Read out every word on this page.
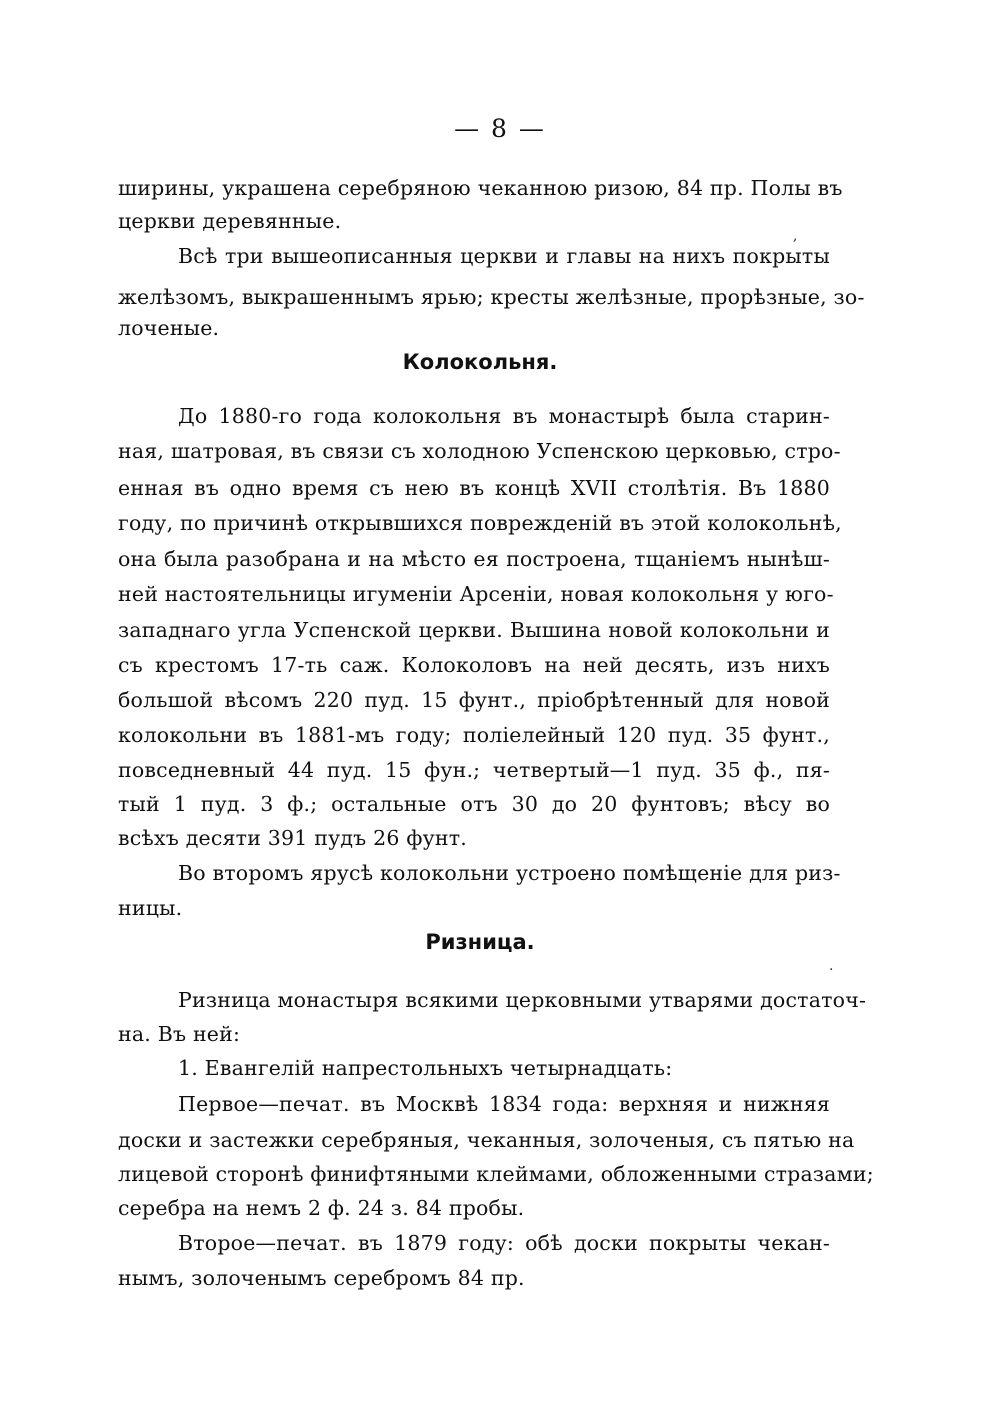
— 8 —
ширины, украшена серебряною чеканною ризою, 84 пр. Полы въ
церкви деревянные.
,
Всѣ три вышеописанныя церкви и главы на нихъ покрыты
желѣзомъ, выкрашеннымъ ярью; кресты желѣзные, прорѣзные, зо-
лоченые.
Колокольня.
До 1880-го года колокольня въ монастырѣ была старин-
ная, шатровая, въ связи съ холодною Успенскою церковью, стро-
енная въ одно время съ нею въ концѣ XVII столѣтія. Въ 1880
году, по причинѣ открывшихся поврежденій въ этой колокольнѣ,
она была разобрана и на мѣсто ея построена, тщаніемъ нынѣш-
ней настоятельницы игуменіи Арсеніи, новая колокольня у юго-
западнаго угла Успенской церкви. Вышина новой колокольни и
съ крестомъ 17-ть саж. Колоколовъ на ней десять, изъ нихъ
большой вѣсомъ 220 пуд. 15 фунт., пріобрѣтенный для новой
колокольни въ 1881-мъ году; поліелейный 120 пуд. 35 фунт.,
повседневный 44 пуд. 15 фун.; четвертый—1 пуд. 35 ф., пя-
тый 1 пуд. 3 ф.; остальные отъ 30 до 20 фунтовъ; вѣсу во
всѣхъ десяти 391 пудъ 26 фунт.
Во второмъ ярусѣ колокольни устроено помѣщеніе для риз-
ницы.
Ризница.
·
Ризница монастыря всякими церковными утварями достаточ-
на. Въ ней:
1. Евангелій напрестольныхъ четырнадцать:
Первое—печат. въ Москвѣ 1834 года: верхняя и нижняя
доски и застежки серебряныя, чеканныя, золоченыя, съ пятью на
лицевой сторонѣ финифтяными клеймами, обложенными стразами;
серебра на немъ 2 ф. 24 з. 84 пробы.
Второе—печат. въ 1879 году: обѣ доски покрыты чекан-
нымъ, золоченымъ серебромъ 84 пр.
